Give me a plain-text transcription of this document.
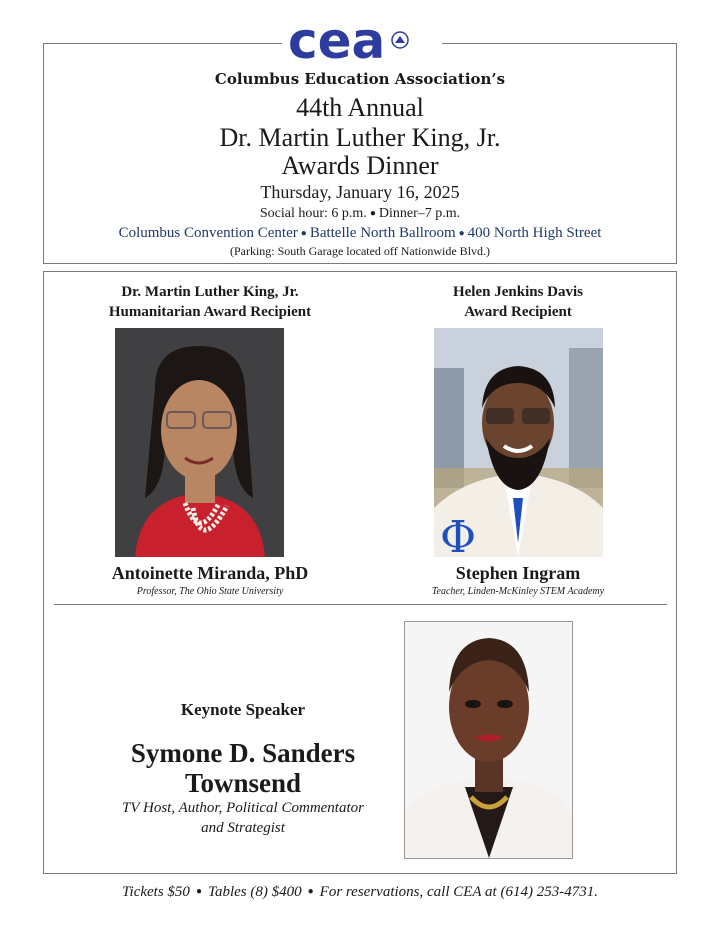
cea
Columbus Education Association’s
44th Annual
Dr. Martin Luther King, Jr.
Awards Dinner
Thursday, January 16, 2025
Social hour: 6 p.m. ● Dinner–7 p.m.
Columbus Convention Center ● Battelle North Ballroom ● 400 North High Street
(Parking: South Garage located off Nationwide Blvd.)
Dr. Martin Luther King, Jr.
Humanitarian Award Recipient
Antoinette Miranda, PhD
Professor, The Ohio State University
Helen Jenkins Davis
Award Recipient
Φ
Stephen Ingram
Teacher, Linden-McKinley STEM Academy
Keynote Speaker
Symone D. Sanders
Townsend
TV Host, Author, Political Commentator
and Strategist
Tickets $50 ● Tables (8) $400 ● For reservations, call CEA at (614) 253-4731.
